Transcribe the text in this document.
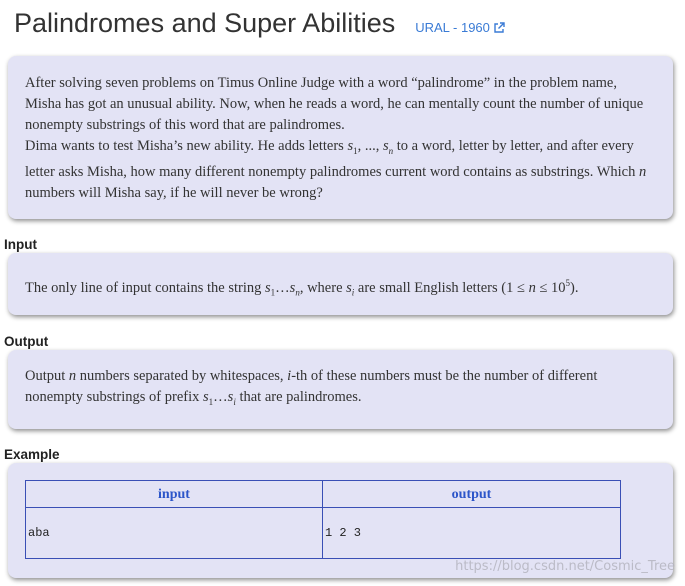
Palindromes and Super Abilities URAL - 1960

After solving seven problems on Timus Online Judge with a word “palindrome” in the problem name, Misha has got an unusual ability. Now, when he reads a word, he can mentally count the number of unique nonempty substrings of this word that are palindromes.

Dima wants to test Misha’s new ability. He adds letters $s_1$, ..., $s_n$ to a word, letter by letter, and after every letter asks Misha, how many different nonempty palindromes current word contains as substrings. Which n numbers will Misha say, if he will never be wrong?

Input

The only line of input contains the string $s_1\dots s_n$, where $s_i$ are small English letters $(1 \le n \le 10^5)$.

Output

Output n numbers separated by whitespaces, i-th of these numbers must be the number of different nonempty substrings of prefix $s_1\dots s_i$ that are palindromes.

Example
input	output
aba	1 2 3
https://blog.csdn.net/Cosmic_Tree
